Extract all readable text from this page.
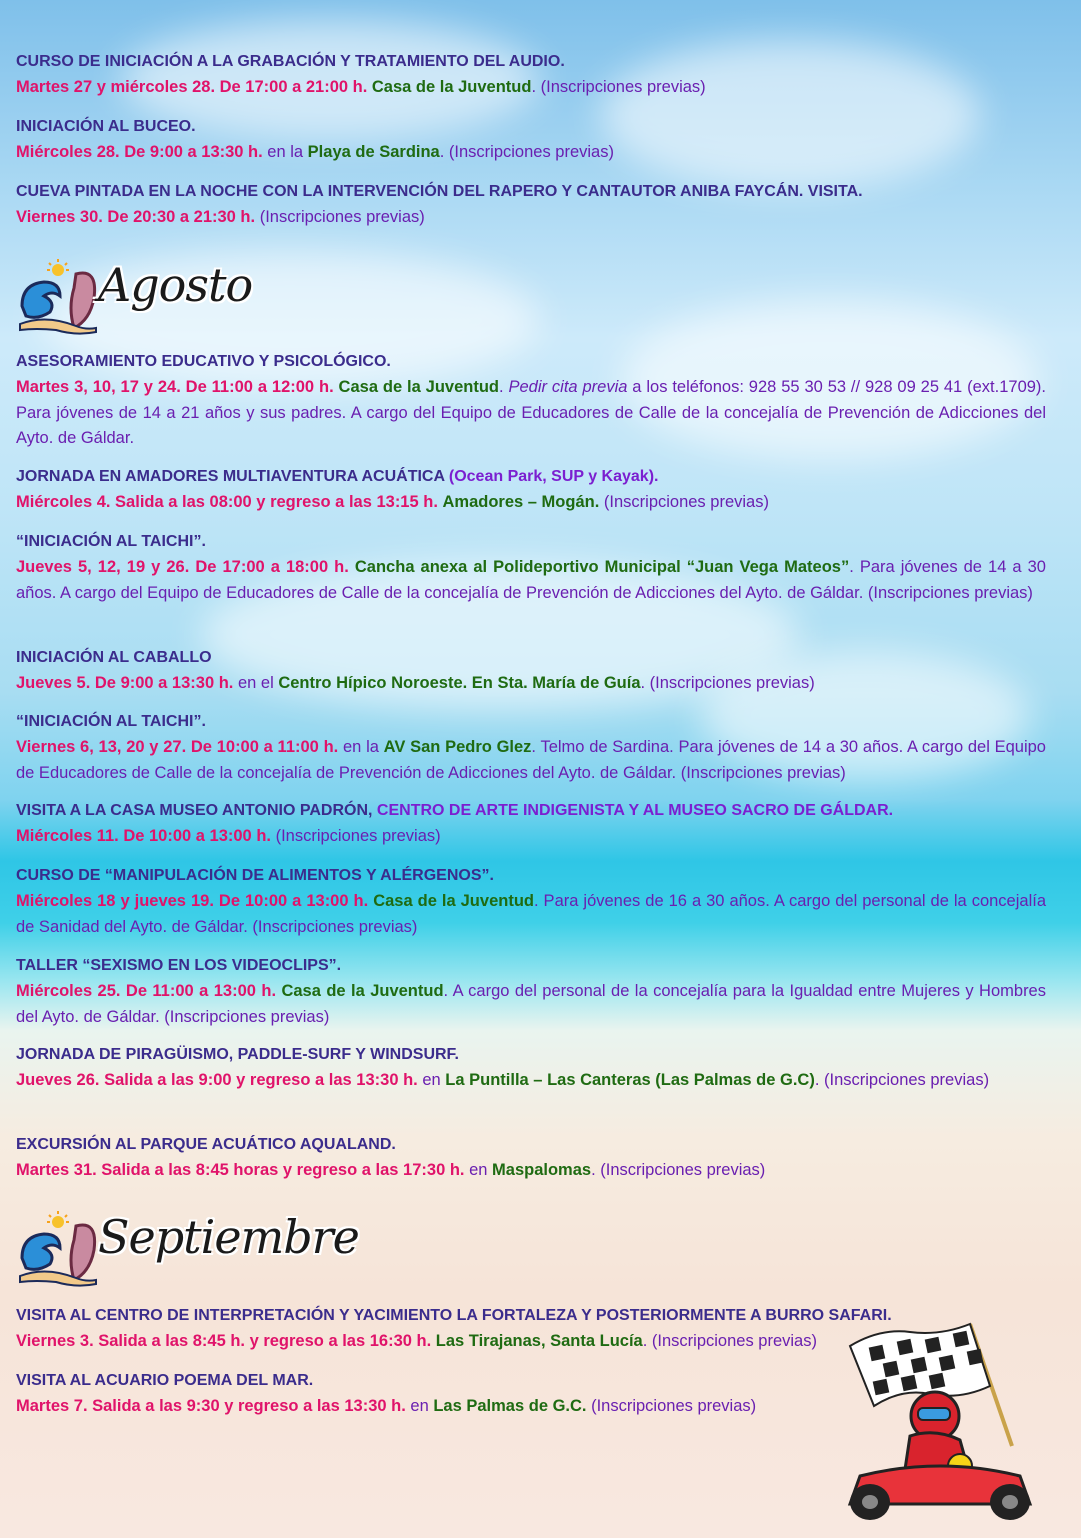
CURSO DE INICIACIÓN A LA GRABACIÓN Y TRATAMIENTO DEL AUDIO.
Martes 27 y miércoles 28. De 17:00 a 21:00 h. Casa de la Juventud. (Inscripciones previas)
INICIACIÓN AL BUCEO.
Miércoles 28. De 9:00 a 13:30 h. en la Playa de Sardina. (Inscripciones previas)
CUEVA PINTADA EN LA NOCHE CON LA INTERVENCIÓN DEL RAPERO Y CANTAUTOR ANIBA FAYCÁN. VISITA.
Viernes 30. De 20:30 a 21:30 h. (Inscripciones previas)
Agosto
ASESORAMIENTO EDUCATIVO Y PSICOLÓGICO.
Martes 3, 10, 17 y 24. De 11:00 a 12:00 h. Casa de la Juventud. Pedir cita previa a los teléfonos: 928 55 30 53 // 928 09 25 41 (ext.1709). Para jóvenes de 14 a 21 años y sus padres. A cargo del Equipo de Educadores de Calle de la concejalía de Prevención de Adicciones del Ayto. de Gáldar.
JORNADA EN AMADORES MULTIAVENTURA ACUÁTICA (Ocean Park, SUP y Kayak).
Miércoles 4. Salida a las 08:00 y regreso a las 13:15 h. Amadores – Mogán. (Inscripciones previas)
“INICIACIÓN AL TAICHI”.
Jueves 5, 12, 19 y 26. De 17:00 a 18:00 h. Cancha anexa al Polideportivo Municipal “Juan Vega Mateos”. Para jóvenes de 14 a 30 años. A cargo del Equipo de Educadores de Calle de la concejalía de Prevención de Adicciones del Ayto. de Gáldar. (Inscripciones previas)
INICIACIÓN AL CABALLO
Jueves 5. De 9:00 a 13:30 h. en el Centro Hípico Noroeste. En Sta. María de Guía. (Inscripciones previas)
“INICIACIÓN AL TAICHI”.
Viernes 6, 13, 20 y 27. De 10:00 a 11:00 h. en la AV San Pedro Glez. Telmo de Sardina. Para jóvenes de 14 a 30 años. A cargo del Equipo de Educadores de Calle de la concejalía de Prevención de Adicciones del Ayto. de Gáldar. (Inscripciones previas)
VISITA A LA CASA MUSEO ANTONIO PADRÓN, CENTRO DE ARTE INDIGENISTA Y AL MUSEO SACRO DE GÁLDAR.
Miércoles 11. De 10:00 a 13:00 h. (Inscripciones previas)
CURSO DE “MANIPULACIÓN DE ALIMENTOS Y ALÉRGENOS”.
Miércoles 18 y jueves 19. De 10:00 a 13:00 h. Casa de la Juventud. Para jóvenes de 16 a 30 años. A cargo del personal de la concejalía de Sanidad del Ayto. de Gáldar. (Inscripciones previas)
TALLER “SEXISMO EN LOS VIDEOCLIPS”.
Miércoles 25. De 11:00 a 13:00 h. Casa de la Juventud. A cargo del personal de la concejalía para la Igualdad entre Mujeres y Hombres del Ayto. de Gáldar. (Inscripciones previas)
JORNADA DE PIRAGÜISMO, PADDLE-SURF Y WINDSURF.
Jueves 26. Salida a las 9:00 y regreso a las 13:30 h. en La Puntilla – Las Canteras (Las Palmas de G.C). (Inscripciones previas)
EXCURSIÓN AL PARQUE ACUÁTICO AQUALAND.
Martes 31. Salida a las 8:45 horas y regreso a las 17:30 h. en Maspalomas. (Inscripciones previas)
Septiembre
VISITA AL CENTRO DE INTERPRETACIÓN Y YACIMIENTO LA FORTALEZA Y POSTERIORMENTE A BURRO SAFARI.
Viernes 3. Salida a las 8:45 h. y regreso a las 16:30 h. Las Tirajanas, Santa Lucía. (Inscripciones previas)
VISITA AL ACUARIO POEMA DEL MAR.
Martes 7. Salida a las 9:30 y regreso a las 13:30 h. en Las Palmas de G.C. (Inscripciones previas)
